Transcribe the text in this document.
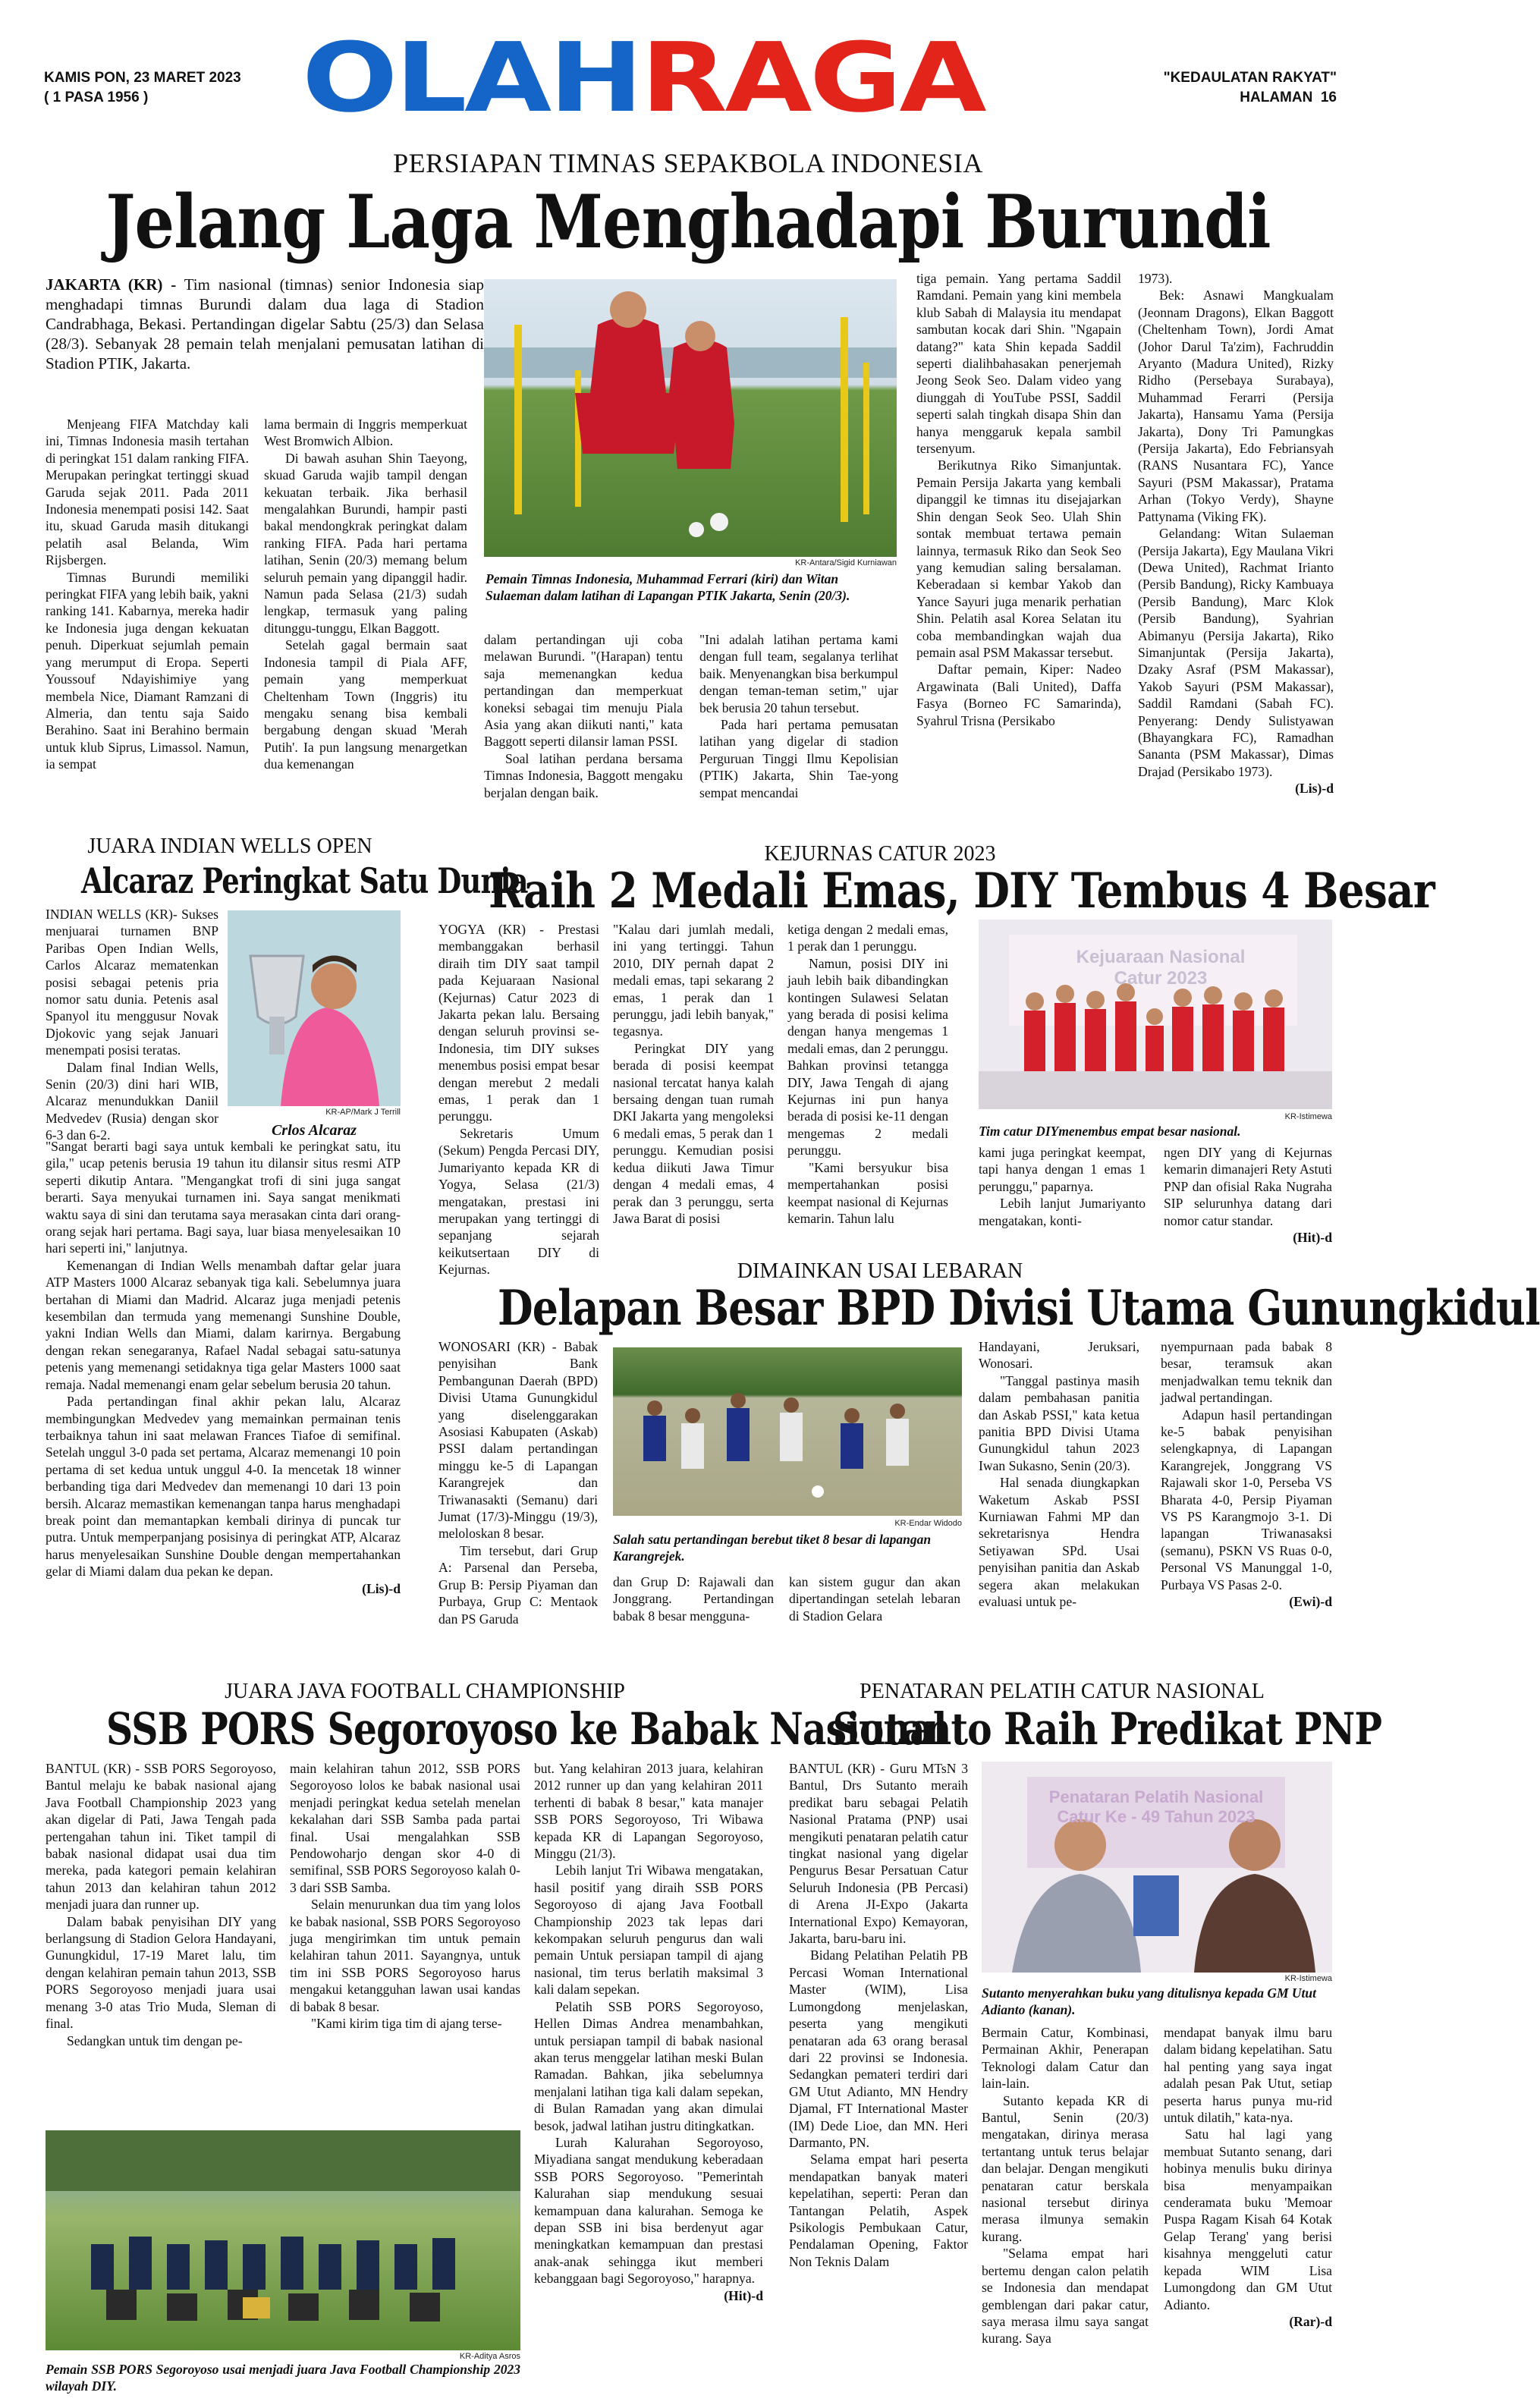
KAMIS PON, 23 MARET 2023
( 1 PASA 1956 ) OLAHRAGA	"KEDAULATAN RAKYAT"
HALAMAN  16
PERSIAPAN TIMNAS SEPAKBOLA INDONESIA
Jelang Laga Menghadapi Burundi

JAKARTA (KR) - Tim nasional (timnas) senior Indonesia siap menghadapi timnas Burundi dalam dua laga di Stadion Candrabhaga, Bekasi. Pertandingan digelar Sabtu (25/3) dan Selasa (28/3). Sebanyak 28 pemain telah menjalani pemusatan latihan di Stadion PTIK, Jakarta.

Menjeang FIFA Matchday kali ini, Timnas Indonesia masih tertahan di peringkat 151 dalam ranking FIFA. Merupakan peringkat tertinggi skuad Garuda sejak 2011. Pada 2011 Indonesia menempati posisi 142. Saat itu, skuad Garuda masih ditukangi pelatih asal Belanda, Wim Rijsbergen.

Timnas Burundi memiliki peringkat FIFA yang lebih baik, yakni ranking 141. Kabarnya, mereka hadir ke Indonesia juga dengan kekuatan penuh. Diperkuat sejumlah pemain yang merumput di Eropa. Seperti Youssouf Ndayishimiye yang membela Nice, Diamant Ramzani di Almeria, dan tentu saja Saido Berahino. Saat ini Berahino bermain untuk klub Siprus, Limassol. Namun, ia sempat

lama bermain di Inggris memperkuat West Bromwich Albion.

Di bawah asuhan Shin Taeyong, skuad Garuda wajib tampil dengan kekuatan terbaik. Jika berhasil mengalahkan Burundi, hampir pasti bakal mendongkrak peringkat dalam ranking FIFA. Pada hari pertama latihan, Senin (20/3) memang belum seluruh pemain yang dipanggil hadir. Namun pada Selasa (21/3) sudah lengkap, termasuk yang paling ditunggu-tunggu, Elkan Baggott.

Setelah gagal bermain saat Indonesia tampil di Piala AFF, pemain yang memperkuat Cheltenham Town (Inggris) itu mengaku senang bisa kembali bergabung dengan skuad 'Merah Putih'. Ia pun langsung menargetkan dua kemenangan

KR-Antara/Sigid Kurniawan
Pemain Timnas Indonesia, Muhammad Ferrari (kiri) dan Witan Sulaeman dalam latihan di Lapangan PTIK Jakarta, Senin (20/3).

dalam pertandingan uji coba melawan Burundi. "(Harapan) tentu saja memenangkan kedua pertandingan dan memperkuat koneksi sebagai tim menuju Piala Asia yang akan diikuti nanti," kata Baggott seperti dilansir laman PSSI.

Soal latihan perdana bersama Timnas Indonesia, Baggott mengaku berjalan dengan baik.

"Ini adalah latihan pertama kami dengan full team, segalanya terlihat baik. Menyenangkan bisa berkumpul dengan teman-teman setim," ujar bek berusia 20 tahun tersebut.

Pada hari pertama pemusatan latihan yang digelar di stadion Perguruan Tinggi Ilmu Kepolisian (PTIK) Jakarta, Shin Tae-yong sempat mencandai

tiga pemain. Yang pertama Saddil Ramdani. Pemain yang kini membela klub Sabah di Malaysia itu mendapat sambutan kocak dari Shin. "Ngapain datang?" kata Shin kepada Saddil seperti dialihbahasakan penerjemah Jeong Seok Seo. Dalam video yang diunggah di YouTube PSSI, Saddil seperti salah tingkah disapa Shin dan hanya menggaruk kepala sambil tersenyum.

Berikutnya Riko Simanjuntak. Pemain Persija Jakarta yang kembali dipanggil ke timnas itu disejajarkan Shin dengan Seok Seo. Ulah Shin sontak membuat tertawa pemain lainnya, termasuk Riko dan Seok Seo yang kemudian saling bersalaman. Keberadaan si kembar Yakob dan Yance Sayuri juga menarik perhatian Shin. Pelatih asal Korea Selatan itu coba membandingkan wajah dua pemain asal PSM Makassar tersebut.

Daftar pemain, Kiper: Nadeo Argawinata (Bali United), Daffa Fasya (Borneo FC Samarinda), Syahrul Trisna (Persikabo

1973).

Bek: Asnawi Mangkualam (Jeonnam Dragons), Elkan Baggott (Cheltenham Town), Jordi Amat (Johor Darul Ta'zim), Fachruddin Aryanto (Madura United), Rizky Ridho (Persebaya Surabaya), Muhammad Ferarri (Persija Jakarta), Hansamu Yama (Persija Jakarta), Dony Tri Pamungkas (Persija Jakarta), Edo Febriansyah (RANS Nusantara FC), Yance Sayuri (PSM Makassar), Pratama Arhan (Tokyo Verdy), Shayne Pattynama (Viking FK).

Gelandang: Witan Sulaeman (Persija Jakarta), Egy Maulana Vikri (Dewa United), Rachmat Irianto (Persib Bandung), Ricky Kambuaya (Persib Bandung), Marc Klok (Persib Bandung), Syahrian Abimanyu (Persija Jakarta), Riko Simanjuntak (Persija Jakarta), Dzaky Asraf (PSM Makassar), Yakob Sayuri (PSM Makassar), Saddil Ramdani (Sabah FC). Penyerang: Dendy Sulistyawan (Bhayangkara FC), Ramadhan Sananta (PSM Makassar), Dimas Drajad (Persikabo 1973).

(Lis)-d

JUARA INDIAN WELLS OPEN
Alcaraz Peringkat Satu Dunia

INDIAN WELLS (KR)- Sukses menjuarai turnamen BNP Paribas Open Indian Wells, Carlos Alcaraz mematenkan posisi sebagai petenis pria nomor satu dunia. Petenis asal Spanyol itu menggusur Novak Djokovic yang sejak Januari menempati posisi teratas.

Dalam final Indian Wells, Senin (20/3) dini hari WIB, Alcaraz menundukkan Daniil Medvedev (Rusia) dengan skor 6-3 dan 6-2.

KR-AP/Mark J Terrill
Crlos Alcaraz

"Sangat berarti bagi saya untuk kembali ke peringkat satu, itu gila," ucap petenis berusia 19 tahun itu dilansir situs resmi ATP seperti dikutip Antara. "Mengangkat trofi di sini juga sangat berarti. Saya menyukai turnamen ini. Saya sangat menikmati waktu saya di sini dan terutama saya merasakan cinta dari orang-orang sejak hari pertama. Bagi saya, luar biasa menyelesaikan 10 hari seperti ini," lanjutnya.

Kemenangan di Indian Wells menambah daftar gelar juara ATP Masters 1000 Alcaraz sebanyak tiga kali. Sebelumnya juara bertahan di Miami dan Madrid. Alcaraz juga menjadi petenis kesembilan dan termuda yang memenangi Sunshine Double, yakni Indian Wells dan Miami, dalam karirnya. Bergabung dengan rekan senegaranya, Rafael Nadal sebagai satu-satunya petenis yang memenangi setidaknya tiga gelar Masters 1000 saat remaja. Nadal memenangi enam gelar sebelum berusia 20 tahun.

Pada pertandingan final akhir pekan lalu, Alcaraz membingungkan Medvedev yang memainkan permainan tenis terbaiknya tahun ini saat melawan Frances Tiafoe di semifinal. Setelah unggul 3-0 pada set pertama, Alcaraz memenangi 10 poin pertama di set kedua untuk unggul 4-0. Ia mencetak 18 winner berbanding tiga dari Medvedev dan memenangi 10 dari 13 poin bersih. Alcaraz memastikan kemenangan tanpa harus menghadapi break point dan memantapkan kembali dirinya di puncak tur putra. Untuk memperpanjang posisinya di peringkat ATP, Alcaraz harus menyelesaikan Sunshine Double dengan mempertahankan gelar di Miami dalam dua pekan ke depan.

(Lis)-d

KEJURNAS CATUR 2023
Raih 2 Medali Emas, DIY Tembus 4 Besar

YOGYA (KR) - Prestasi membanggakan berhasil diraih tim DIY saat tampil pada Kejuaraan Nasional (Kejurnas) Catur 2023 di Jakarta pekan lalu. Bersaing dengan seluruh provinsi se-Indonesia, tim DIY sukses menembus posisi empat besar dengan merebut 2 medali emas, 1 perak dan 1 perunggu.

Sekretaris Umum (Sekum) Pengda Percasi DIY, Jumariyanto kepada KR di Yogya, Selasa (21/3) mengatakan, prestasi ini merupakan yang tertinggi di sepanjang sejarah keikutsertaan DIY di Kejurnas.

"Kalau dari jumlah medali, ini yang tertinggi. Tahun 2010, DIY pernah dapat 2 medali emas, tapi sekarang 2 emas, 1 perak dan 1 perunggu, jadi lebih banyak," tegasnya.

Peringkat DIY yang berada di posisi keempat nasional tercatat hanya kalah bersaing dengan tuan rumah DKI Jakarta yang mengoleksi 6 medali emas, 5 perak dan 1 perunggu. Kemudian posisi kedua diikuti Jawa Timur dengan 4 medali emas, 4 perak dan 3 perunggu, serta Jawa Barat di posisi

ketiga dengan 2 medali emas, 1 perak dan 1 perunggu.

Namun, posisi DIY ini jauh lebih baik dibandingkan kontingen Sulawesi Selatan yang berada di posisi kelima dengan hanya mengemas 1 medali emas, dan 2 perunggu. Bahkan provinsi tetangga DIY, Jawa Tengah di ajang Kejurnas ini pun hanya berada di posisi ke-11 dengan mengemas 2 medali perunggu.

"Kami bersyukur bisa mempertahankan posisi keempat nasional di Kejurnas kemarin. Tahun lalu

Kejuaraan Nasional Catur 2023
KR-Istimewa
Tim catur DIYmenembus empat besar nasional.

kami juga peringkat keempat, tapi hanya dengan 1 emas 1 perunggu," paparnya.

Lebih lanjut Jumariyanto mengatakan, konti-

ngen DIY yang di Kejurnas kemarin dimanajeri Rety Astuti PNP dan ofisial Raka Nugraha SIP selurunhya datang dari nomor catur standar.

(Hit)-d

DIMAINKAN USAI LEBARAN
Delapan Besar BPD Divisi Utama Gunungkidul

WONOSARI (KR) - Babak penyisihan Bank Pembangunan Daerah (BPD) Divisi Utama Gunungkidul yang diselenggarakan Asosiasi Kabupaten (Askab) PSSI dalam pertandingan minggu ke-5 di Lapangan Karangrejek dan Triwanasakti (Semanu) dari Jumat (17/3)-Minggu (19/3), meloloskan 8 besar.

Tim tersebut, dari Grup A: Parsenal dan Perseba, Grup B: Persip Piyaman dan Purbaya, Grup C: Mentaok dan PS Garuda

KR-Endar Widodo
Salah satu pertandingan berebut tiket 8 besar di lapangan Karangrejek.

dan Grup D: Rajawali dan Jonggrang. Pertandingan babak 8 besar mengguna-

kan sistem gugur dan akan dipertandingan setelah lebaran di Stadion Gelara

Handayani, Jeruksari, Wonosari.

"Tanggal pastinya masih dalam pembahasan panitia dan Askab PSSI," kata ketua panitia BPD Divisi Utama Gunungkidul tahun 2023 Iwan Sukasno, Senin (20/3).

Hal senada diungkapkan Waketum Askab PSSI Kurniawan Fahmi MP dan sekretarisnya Hendra Setiyawan SPd. Usai penyisihan panitia dan Askab segera akan melakukan evaluasi untuk pe-

nyempurnaan pada babak 8 besar, teramsuk akan menjadwalkan temu teknik dan jadwal pertandingan.

Adapun hasil pertandingan ke-5 babak penyisihan selengkapnya, di Lapangan Karangrejek, Jonggrang VS Rajawali skor 1-0, Perseba VS Bharata 4-0, Persip Piyaman VS PS Karangmojo 3-1. Di lapangan Triwanasaksi (semanu), PSKN VS Ruas 0-0, Personal VS Manunggal 1-0, Purbaya VS Pasas 2-0.

(Ewi)-d

JUARA JAVA FOOTBALL CHAMPIONSHIP
SSB PORS Segoroyoso ke Babak Nasional

BANTUL (KR) - SSB PORS Segoroyoso, Bantul melaju ke babak nasional ajang Java Football Championship 2023 yang akan digelar di Pati, Jawa Tengah pada pertengahan tahun ini. Tiket tampil di babak nasional didapat usai dua tim mereka, pada kategori pemain kelahiran tahun 2013 dan kelahiran tahun 2012 menjadi juara dan runner up.

Dalam babak penyisihan DIY yang berlangsung di Stadion Gelora Handayani, Gunungkidul, 17-19 Maret lalu, tim dengan kelahiran pemain tahun 2013, SSB PORS Segoroyoso menjadi juara usai menang 3-0 atas Trio Muda, Sleman di final.

Sedangkan untuk tim dengan pe-

main kelahiran tahun 2012, SSB PORS Segoroyoso lolos ke babak nasional usai menjadi peringkat kedua setelah menelan kekalahan dari SSB Samba pada partai final. Usai mengalahkan SSB Pendowoharjo dengan skor 4-0 di semifinal, SSB PORS Segoroyoso kalah 0-3 dari SSB Samba.

Selain menurunkan dua tim yang lolos ke babak nasional, SSB PORS Segoroyoso juga mengirimkan tim untuk pemain kelahiran tahun 2011. Sayangnya, untuk tim ini SSB PORS Segoroyoso harus mengakui ketangguhan lawan usai kandas di babak 8 besar.

"Kami kirim tiga tim di ajang terse-

but. Yang kelahiran 2013 juara, kelahiran 2012 runner up dan yang kelahiran 2011 terhenti di babak 8 besar," kata manajer SSB PORS Segoroyoso, Tri Wibawa kepada KR di Lapangan Segoroyoso, Minggu (21/3).

Lebih lanjut Tri Wibawa mengatakan, hasil positif yang diraih SSB PORS Segoroyoso di ajang Java Football Championship 2023 tak lepas dari kekompakan seluruh pengurus dan wali pemain Untuk persiapan tampil di ajang nasional, tim terus berlatih maksimal 3 kali dalam sepekan.

Pelatih SSB PORS Segoroyoso, Hellen Dimas Andrea menambahkan, untuk persiapan tampil di babak nasional akan terus menggelar latihan meski Bulan Ramadan. Bahkan, jika sebelumnya menjalani latihan tiga kali dalam sepekan, di Bulan Ramadan yang akan dimulai besok, jadwal latihan justru ditingkatkan.

Lurah Kalurahan Segoroyoso, Miyadiana sangat mendukung keberadaan SSB PORS Segoroyoso. "Pemerintah Kalurahan siap mendukung sesuai kemampuan dana kalurahan. Semoga ke depan SSB ini bisa berdenyut agar meningkatkan kemampuan dan prestasi anak-anak sehingga ikut memberi kebanggaan bagi Segoroyoso," harapnya.

(Hit)-d

KR-Aditya Asros
Pemain SSB PORS Segoroyoso usai menjadi juara Java Football Championship 2023 wilayah DIY.
PENATARAN PELATIH CATUR NASIONAL
Sutanto Raih Predikat PNP

BANTUL (KR) - Guru MTsN 3 Bantul, Drs Sutanto meraih predikat baru sebagai Pelatih Nasional Pratama (PNP) usai mengikuti penataran pelatih catur tingkat nasional yang digelar Pengurus Besar Persatuan Catur Seluruh Indonesia (PB Percasi) di Arena JI-Expo (Jakarta International Expo) Kemayoran, Jakarta, baru-baru ini.

Bidang Pelatihan Pelatih PB Percasi Woman International Master (WIM), Lisa Lumongdong menjelaskan, peserta yang mengikuti penataran ada 63 orang berasal dari 22 provinsi se Indonesia. Sedangkan pemateri terdiri dari GM Utut Adianto, MN Hendry Djamal, FT International Master (IM) Dede Lioe, dan MN. Heri Darmanto, PN.

Selama empat hari peserta mendapatkan banyak materi kepelatihan, seperti: Peran dan Tantangan Pelatih, Aspek Psikologis Pembukaan Catur, Pendalaman Opening, Faktor Non Teknis Dalam

Penataran Pelatih Nasional Catur Ke - 49 Tahun 2023
KR-Istimewa
Sutanto menyerahkan buku yang ditulisnya kepada GM Utut Adianto (kanan).

Bermain Catur, Kombinasi, Permainan Akhir, Penerapan Teknologi dalam Catur dan lain-lain.

Sutanto kepada KR di Bantul, Senin (20/3) mengatakan, dirinya merasa tertantang untuk terus belajar dan belajar. Dengan mengikuti penataran catur berskala nasional tersebut dirinya merasa ilmunya semakin kurang.

"Selama empat hari bertemu dengan calon pelatih se Indonesia dan mendapat gemblengan dari pakar catur, saya merasa ilmu saya sangat kurang. Saya

mendapat banyak ilmu baru dalam bidang kepelatihan. Satu hal penting yang saya ingat adalah pesan Pak Utut, setiap peserta harus punya mu-rid untuk dilatih," kata-nya.

Satu hal lagi yang membuat Sutanto senang, dari hobinya menulis buku dirinya bisa menyampaikan cenderamata buku 'Memoar Puspa Ragam Kisah 64 Kotak Gelap Terang' yang berisi kisahnya menggeluti catur kepada WIM Lisa Lumongdong dan GM Utut Adianto.

(Rar)-d
